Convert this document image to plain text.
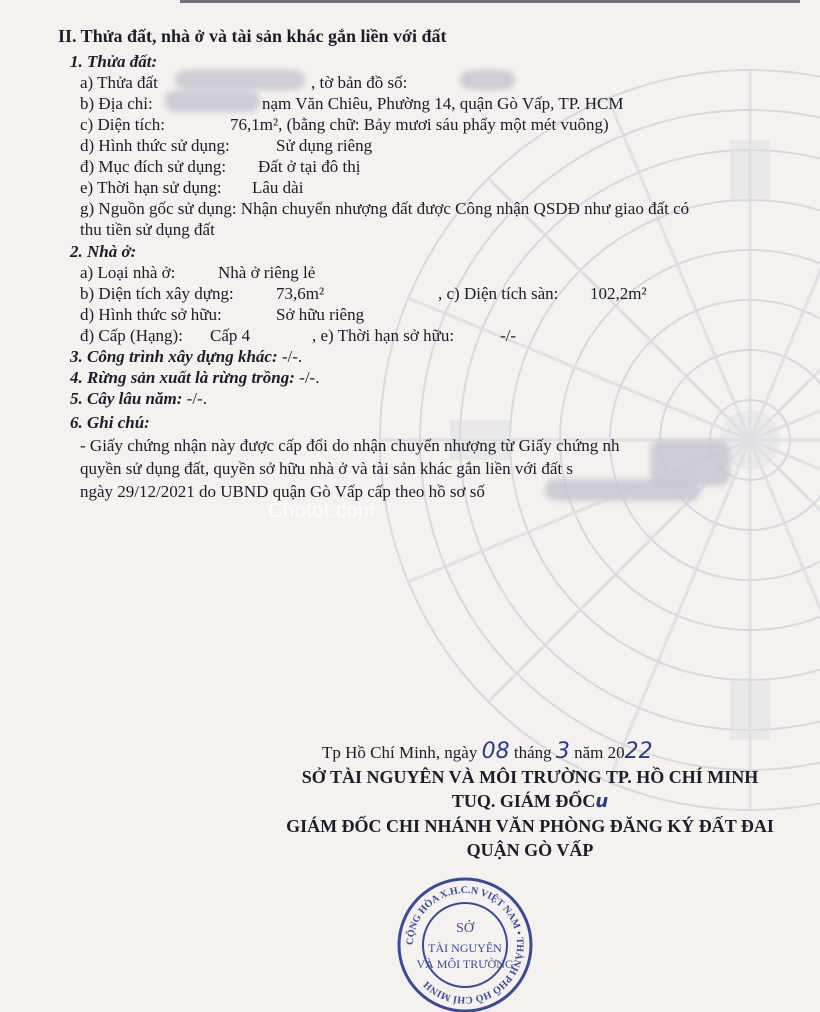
II. Thửa đất, nhà ở và tài sản khác gắn liền với đất
1. Thửa đất:
a) Thửa đất	, tờ bản đồ số:
b) Địa chỉ:	nạm Văn Chiêu, Phường 14, quận Gò Vấp, TP. HCM
c) Diện tích:	76,1m², (bằng chữ: Bảy mươi sáu phẩy một mét vuông)
d) Hình thức sử dụng:	Sử dụng riêng
đ) Mục đích sử dụng: Đất ở tại đô thị
e) Thời hạn sử dụng: Lâu dài
g) Nguồn gốc sử dụng: Nhận chuyển nhượng đất được Công nhận QSDĐ như giao đất có
thu tiền sử dụng đất
2. Nhà ở:
a) Loại nhà ở:	Nhà ở riêng lẻ
b) Diện tích xây dựng: 73,6m²	, c) Diện tích sàn: 102,2m²
d) Hình thức sở hữu:	Sở hữu riêng
đ) Cấp (Hạng): Cấp 4	, e) Thời hạn sở hữu:	-/-
3. Công trình xây dựng khác: -/-.
4. Rừng sản xuất là rừng trồng: -/-.
5. Cây lâu năm: -/-.
6. Ghi chú:
- Giấy chứng nhận này được cấp đổi do nhận chuyển nhượng từ Giấy chứng nh
quyền sử dụng đất, quyền sở hữu nhà ở và tài sản khác gắn liền với đất s
ngày 29/12/2021 do UBND quận Gò Vấp cấp theo hồ sơ số
Chotot.com
Tp Hồ Chí Minh, ngày 08 tháng 3 năm 2022
SỞ TÀI NGUYÊN VÀ MÔI TRƯỜNG TP. HỒ CHÍ MINH
TUQ. GIÁM ĐỐCu
GIÁM ĐỐC CHI NHÁNH VĂN PHÒNG ĐĂNG KÝ ĐẤT ĐAI
QUẬN GÒ VẤP
CỘNG HÒA X.H.C.N VIỆT NAM • THÀNH PHỐ HỒ CHÍ MINH
SỞ
TÀI NGUYÊN
VÀ MÔI TRƯỜNG
